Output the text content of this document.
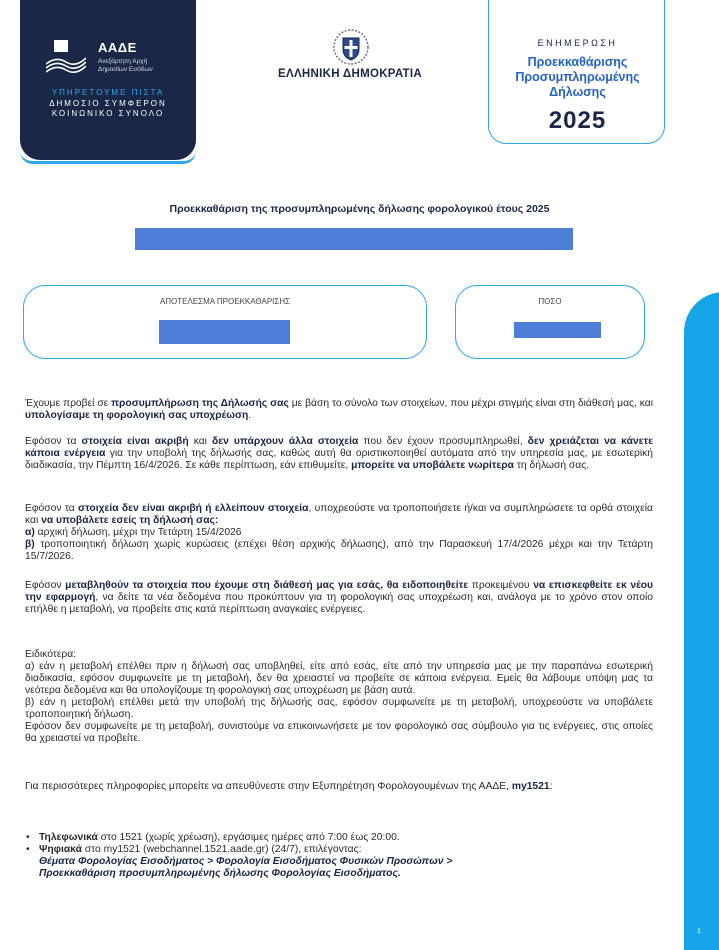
ΑΑΔΕ
Ανεξάρτητη Αρχή
Δημοσίων Εσόδων
ΥΠΗΡΕΤΟΥΜΕ ΠΙΣΤΑ
ΔΗΜΟΣΙΟ ΣΥΜΦΕΡΟΝ
ΚΟΙΝΩΝΙΚΟ ΣΥΝΟΛΟ
ΕΛΛΗΝΙΚΗ ΔΗΜΟΚΡΑΤΙΑ
ΕΝΗΜΕΡΩΣΗ
Προεκκαθάρισης
Προσυμπληρωμένης
Δήλωσης
2025
Προεκκαθάριση της προσυμπληρωμένης δήλωσης φορολογικού έτους 2025
ΑΠΟΤΕΛΕΣΜΑ ΠΡΟΕΚΚΑΘΑΡΙΣΗΣ	ΠΟΣΟ
1
Έχουμε προβεί σε προσυμπλήρωση της Δήλωσής σας με βάση το σύνολο των στοιχείων, που μέχρι στιγμής είναι στη διάθεσή μας, και υπολογίσαμε τη φορολογική σας υποχρέωση.
Εφόσον τα στοιχεία είναι ακριβή και δεν υπάρχουν άλλα στοιχεία που δεν έχουν προσυμπληρωθεί, δεν χρειάζεται να κάνετε κάποια ενέργεια για την υποβολή της δήλωσής σας, καθώς αυτή θα οριστικοποιηθεί αυτόματα από την υπηρεσία μας, με εσωτερική διαδικασία, την Πέμπτη 16/4/2026. Σε κάθε περίπτωση, εάν επιθυμείτε, μπορείτε να υποβάλετε νωρίτερα τη δήλωσή σας.
Εφόσον τα στοιχεία δεν είναι ακριβή ή ελλείπουν στοιχεία, υποχρεούστε να τροποποιήσετε ή/και να συμπληρώσετε τα ορθά στοιχεία και να υποβάλετε εσείς τη δήλωσή σας:
α) αρχική δήλωση, μέχρι την Τετάρτη 15/4/2026
β) τροποποιητική δήλωση χωρίς κυρώσεις (επέχει θέση αρχικής δήλωσης), από την Παρασκευή 17/4/2026 μέχρι και την Τετάρτη 15/7/2026.
Εφόσον μεταβληθούν τα στοιχεία που έχουμε στη διάθεσή μας για εσάς, θα ειδοποιηθείτε προκειμένου να επισκεφθείτε εκ νέου την εφαρμογή, να δείτε τα νέα δεδομένα που προκύπτουν για τη φορολογική σας υποχρέωση και, ανάλογα με το χρόνο στον οποίο επήλθε η μεταβολή, να προβείτε στις κατά περίπτωση αναγκαίες ενέργειες.
Ειδικότερα:
α) εάν η μεταβολή επέλθει πριν η δήλωσή σας υποβληθεί, είτε από εσάς, είτε από την υπηρεσία μας με την παραπάνω εσωτερική διαδικασία, εφόσον συμφωνείτε με τη μεταβολή, δεν θα χρειαστεί να προβείτε σε κάποια ενέργεια. Εμείς θα λάβουμε υπόψη μας τα νεότερα δεδομένα και θα υπολογίζουμε τη φορολογική σας υποχρέωση με βάση αυτά.
β) εάν η μεταβολή επέλθει μετά την υποβολή της δήλωσής σας, εφόσον συμφωνείτε με τη μεταβολή, υποχρεούστε να υποβάλετε τροποποιητική δήλωση.
Εφόσον δεν συμφωνείτε με τη μεταβολή, συνιστούμε να επικοινωνήσετε με τον φορολογικό σας σύμβουλο για τις ενέργειες, στις οποίες θα χρειαστεί να προβείτε.
Για περισσότερες πληροφορίες μπορείτε να απευθύνεστε στην Εξυπηρέτηση Φορολογουμένων της ΑΑΔΕ, my1521:
• Τηλεφωνικά στο 1521 (χωρίς χρέωση), εργάσιμες ημέρες από 7:00 έως 20:00.
• Ψηφιακά στο my1521 (webchannel.1521.aade.gr) (24/7), επιλέγοντας:
Θέματα Φορολογίας Εισοδήματος > Φορολογία Εισοδήματος Φυσικών Προσώπων >
Προεκκαθάριση προσυμπληρωμένης δήλωσης Φορολογίας Εισοδήματος.
